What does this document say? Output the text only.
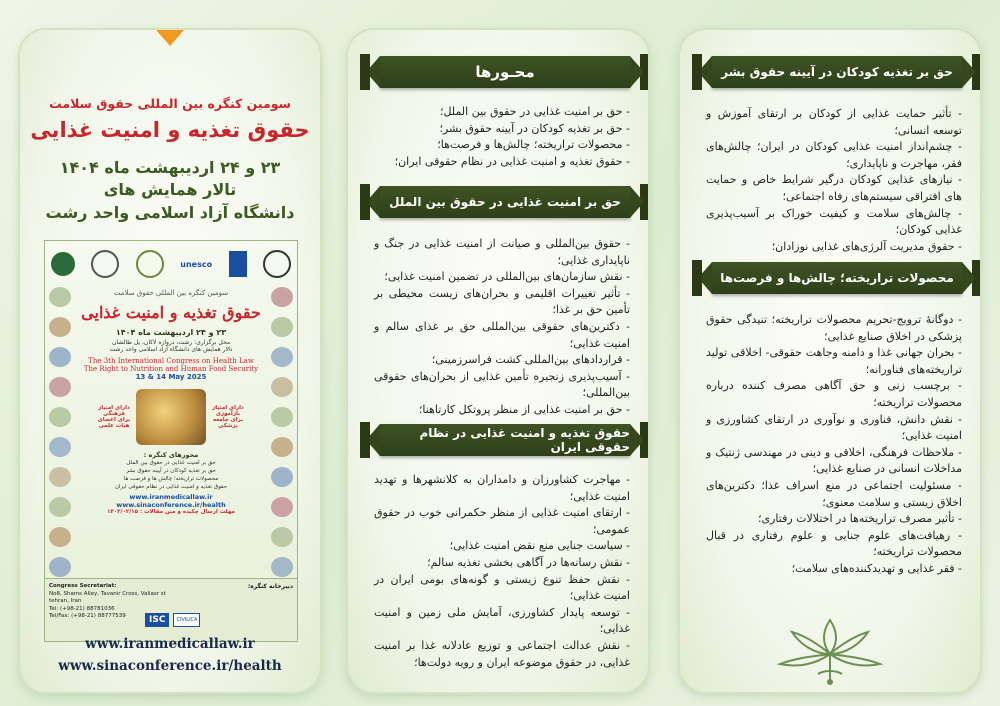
سومین کنگره بین المللی حقوق سلامت
حقوق تغذیه و امنیت غذایی
۲۳ و ۲۴ اردیبهشت ماه ۱۴۰۴
تالار همایش های
دانشگاه آزاد اسلامی واحد رشت
unesco
سومین کنگره بین المللی حقوق سلامت
حقوق تغذیه و امنیت غذایی
۲۳ و ۲۴ اردیبهشت ماه ۱۴۰۴
محل برگزاری: رشت، دروازه لاکان، پل طالشان
تالار همایش های دانشگاه آزاد اسلامی واحد رشت
The 3th International Congress on Health Law
The Right to Nutrition and Human Food Security
13 & 14 May 2025
دارای امتیاز بازآموزی برای جامعه پزشکی
دارای امتیاز فرهنگی برای اعضای هیات علمی
محورهای کنگره :
حق بر امنیت غذایی در حقوق بین الملل
حق بر تغذیه کودکان در آیینه حقوق بشر
محصولات تراریخته؛ چالش ها و فرصت ها
حقوق تغذیه و امنیت غذایی در نظام حقوقی ایران
www.iranmedicallaw.ir
www.sinaconference.ir/health
مهلت ارسال چکیده و متن مقالات : ۱۴۰۳/۰۲/۱۵
Congress Secretariat:
No8, Shams Alley, Tavanir Cross, Valiasr st tehran, Iran
Tel: (+98-21) 88781036
Tel/Fax: (+98-21) 88777539	ISC	CIVILICA
دبیرخانه کنگره:
www.iranmedicallaw.ir
www.sinaconference.ir/health
محـورها
- حق بر امنیت غذایی در حقوق بین الملل؛
- حق بر تغذیه کودکان در آیینه حقوق بشر؛
- محصولات تراریخته؛ چالش‌ها و فرصت‌ها؛
- حقوق تغذیه و امنیت غذایی در نظام حقوقی ایران؛
حق بر امنیت غذایی در حقوق بین الملل
- حقوق بین‌المللی و صیانت از امنیت غذایی در جنگ و ناپایداری غذایی؛
- نقش سازمان‌های بین‌المللی در تضمین امنیت غذایی؛
- تأثیر تغییرات اقلیمی و بحران‌های زیست محیطی بر تأمین حق بر غذا؛
- دکترین‌های حقوقی بین‌المللی حق بر غذای سالم و امنیت غذایی؛
- قراردادهای بین‌المللی کشت فراسرزمینی؛
- آسیب‌پذیری زنجیره تأمین غذایی از بحران‌های حقوقی بین‌المللی؛
- حق بر امنیت غذایی از منظر پروتکل کارتاهنا؛
حقوق تغذیه و امنیت غذایی در نظام حقوقی ایران
- مهاجرت کشاورزان و دامداران به کلانشهرها و تهدید امنیت غذایی؛
- ارتقای امنیت غذایی از منظر حکمرانی خوب در حقوق عمومی؛
- سیاست جنایی منع نقض امنیت غذایی؛
- نقش رسانه‌ها در آگاهی بخشی تغذیه سالم؛
- نقش حفظ تنوع زیستی و گونه‌های بومی ایران در امنیت غذایی؛
- توسعه پایدار کشاورزی، آمایش ملی زمین و امنیت غذایی؛
- نقش عدالت اجتماعی و توزیع عادلانه غذا بر امنیت غذایی، در حقوق موضوعه ایران و رویه دولت‌ها؛
حق بر تغذیه کودکان در آیینه حقوق بشر
- تأثیر حمایت غذایی از کودکان بر ارتقای آموزش و توسعه انسانی؛
- چشم‌انداز امنیت غذایی کودکان در ایران؛ چالش‌های فقر، مهاجرت و ناپایداری؛
- نیازهای غذایی کودکان درگیر شرایط خاص و حمایت های افتراقی سیستم‌های رفاه اجتماعی؛
- چالش‌های سلامت و کیفیت خوراک بر آسیب‌پذیری غذایی کودکان؛
- حقوق مدیریت آلرژی‌های غذایی نوزادان؛
محصولات تراریخته؛ چالش‌ها و فرصت‌ها
- دوگانهٔ ترویج-تحریم محصولات تراریخته؛ تنیدگی حقوق پزشکی در اخلاق صنایع غذایی؛
- بحران جهانی غذا و دامنه وجاهت حقوقی- اخلاقی تولید تراریخته‌های فناورانه؛
- برچسب زنی و حق آگاهی مصرف کننده درباره محصولات تراریخته؛
- نقش دانش، فناوری و نوآوری در ارتقای کشاورزی و امنیت غذایی؛
- ملاحظات فرهنگی، اخلاقی و دینی در مهندسی ژنتیک و مداخلات انسانی در صنایع غذایی؛
- مسئولیت اجتماعی در منع اسراف غذا؛ دکترین‌های اخلاق زیستی و سلامت معنوی؛
- تأثیر مصرف تراریخته‌ها در اختلالات رفتاری؛
- رهیافت‌های علوم جنایی و علوم رفتاری در قبال محصولات تراریخته؛
- فقر غذایی و تهدیدکننده‌های سلامت؛
